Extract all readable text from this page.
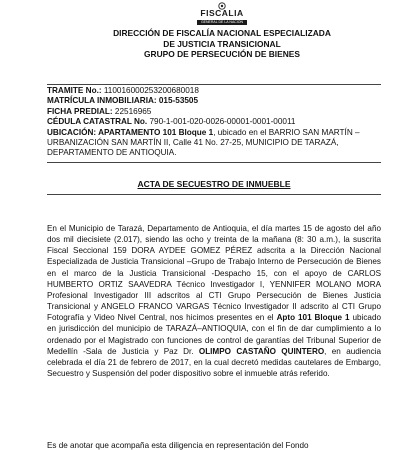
FISCALIA
GENERAL DE LA NACION
DIRECCIÓN DE FISCALÍA NACIONAL ESPECIALIZADA
DE JUSTICIA TRANSICIONAL
GRUPO DE PERSECUCIÓN DE BIENES
TRAMITE No.: 110016000253200680018
MATRÍCULA INMOBILIARIA: 015-53505
FICHA PREDIAL: 22516965
CÉDULA CATASTRAL No. 790-1-001-020-0026-00001-0001-00011
UBICACIÓN: APARTAMENTO 101 Bloque 1, ubicado en el BARRIO SAN MARTÍN –URBANIZACIÓN SAN MARTÍN II, Calle 41 No. 27-25, MUNICIPIO DE TARAZÁ, DEPARTAMENTO DE ANTIOQUIA.
ACTA DE SECUESTRO DE INMUEBLE

En el Municipio de Tarazá, Departamento de Antioquia, el día martes 15 de agosto del año dos mil diecisiete (2.017), siendo las ocho y treinta de la mañana (8: 30 a.m.), la suscrita Fiscal Seccional 159 DORA AYDEE GOMEZ PÉREZ adscrita a la Dirección Nacional Especializada de Justicia Transicional –Grupo de Trabajo Interno de Persecución de Bienes en el marco de la Justicia Transicional -Despacho 15, con el apoyo de CARLOS HUMBERTO ORTIZ SAAVEDRA Técnico Investigador I, YENNIFER MOLANO MORA Profesional Investigador III adscritos al CTI Grupo Persecución de Bienes Justicia Transicional y ANGELO FRANCO VARGAS Técnico Investigador II adscrito al CTI Grupo Fotografía y Video Nivel Central, nos hicimos presentes en el Apto 101 Bloque 1 ubicado en jurisdicción del municipio de TARAZÁ–ANTIOQUIA, con el fin de dar cumplimiento a lo ordenado por el Magistrado con funciones de control de garantías del Tribunal Superior de Medellín -Sala de Justicia y Paz Dr. OLIMPO CASTAÑO QUINTERO, en audiencia celebrada el día 21 de febrero de 2017, en la cual decretó medidas cautelares de Embargo, Secuestro y Suspensión del poder dispositivo sobre el inmueble atrás referido.

Es de anotar que acompaña esta diligencia en representación del Fondo
